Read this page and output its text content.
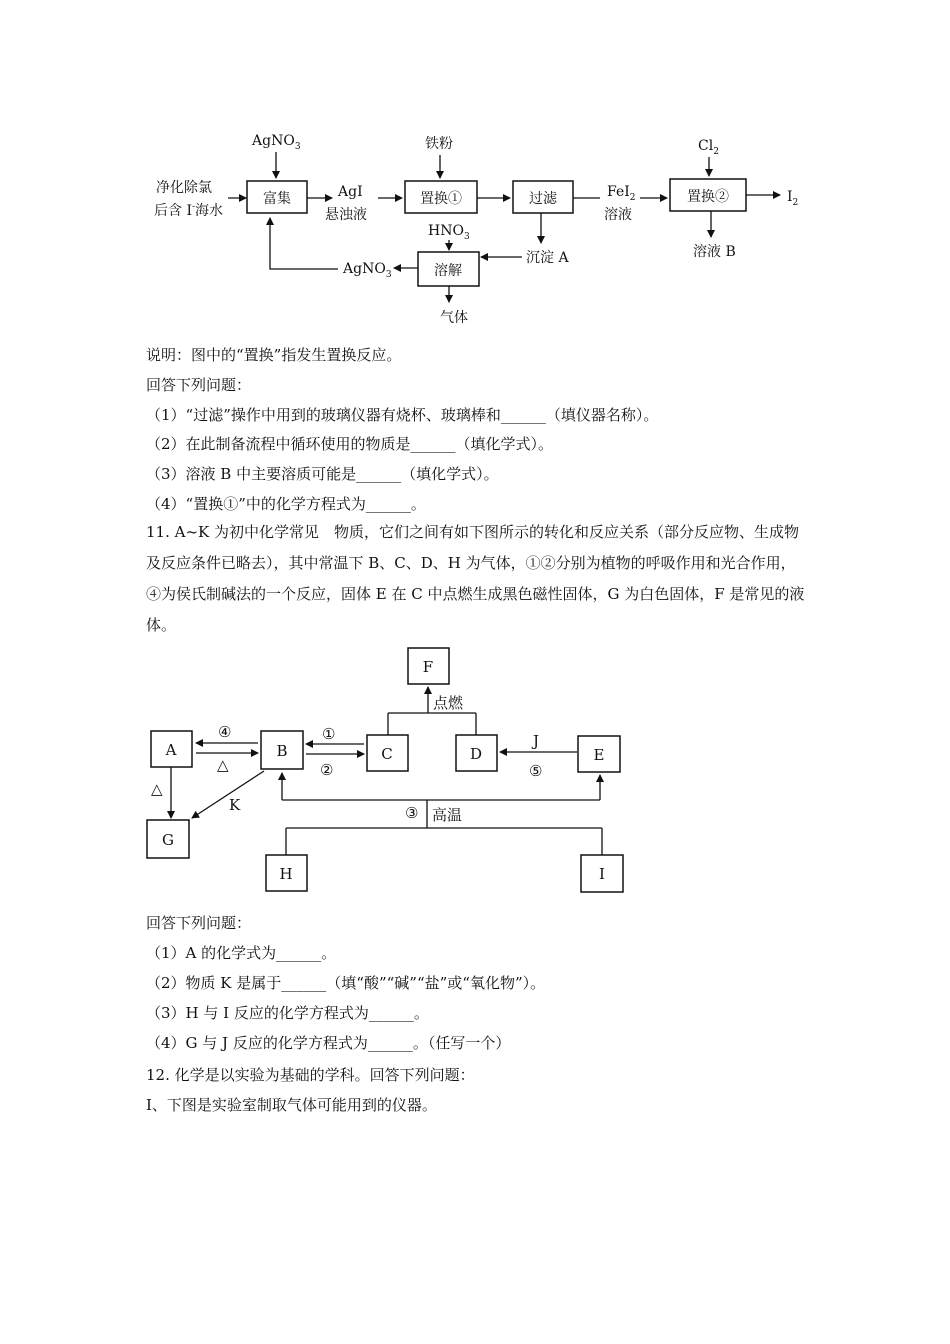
净化除氯
后含 I-海水
AgNO$_3$
富集	AgI
悬浊液
铁粉
置换①	过滤
沉淀 A
FeI$_2$
溶液
$Cl_2$
置换②	$I_2$
溶液 B
$HNO_3$
溶解
AgNO$_3$
气体
说明：图中的“置换”指发生置换反应。
回答下列问题：
（1）“过滤”操作中用到的玻璃仪器有烧杯、玻璃棒和______（填仪器名称）。
（2）在此制备流程中循环使用的物质是______（填化学式）。
（3）溶液 B 中主要溶质可能是______（填化学式）。
（4）“置换①”中的化学方程式为______。
11. A~K 为初中化学常见　物质，它们之间有如下图所示的转化和反应关系（部分反应物、生成物及反应条件已略去），其中常温下 B、C、D、H 为气体，①②分别为植物的呼吸作用和光合作用，④为侯氏制碱法的一个反应，固体 E 在 C 中点燃生成黑色磁性固体，G 为白色固体，F 是常见的液体。
F
点燃
A	B	C	D	E
④
△
①
②
J
⑤
△
G
K	③ 高温
H	I
回答下列问题：
（1）A 的化学式为______。
（2）物质 K 是属于______（填“酸”“碱”“盐”或“氧化物”）。
（3）H 与 I 反应的化学方程式为______。
（4）G 与 J 反应的化学方程式为______。（任写一个）
12. 化学是以实验为基础的学科。回答下列问题：
I、下图是实验室制取气体可能用到的仪器。
